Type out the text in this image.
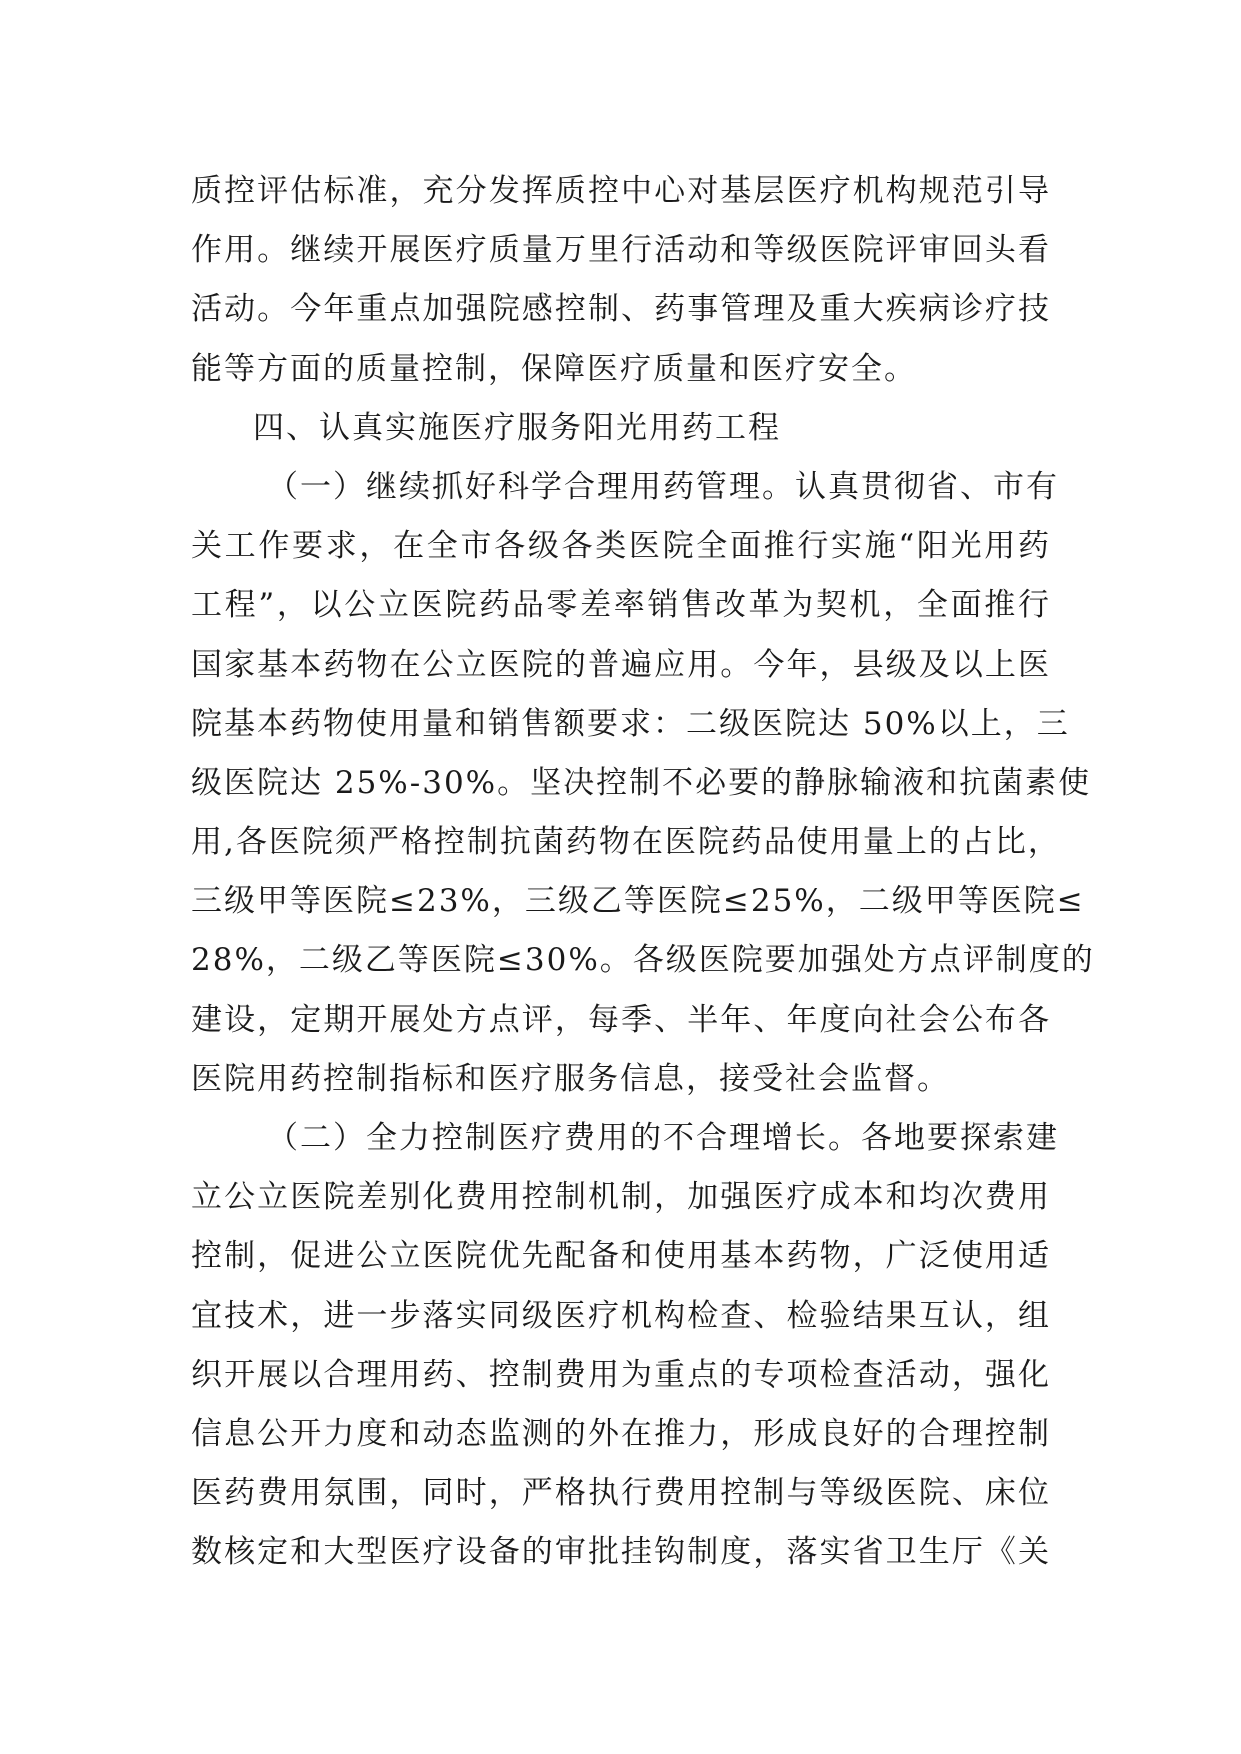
质控评估标准，充分发挥质控中心对基层医疗机构规范引导
作用。继续开展医疗质量万里行活动和等级医院评审回头看
活动。今年重点加强院感控制、药事管理及重大疾病诊疗技
能等方面的质量控制，保障医疗质量和医疗安全。
四、认真实施医疗服务阳光用药工程
（一）继续抓好科学合理用药管理。认真贯彻省、市有
关工作要求，在全市各级各类医院全面推行实施“阳光用药
工程”，以公立医院药品零差率销售改革为契机，全面推行
国家基本药物在公立医院的普遍应用。今年，县级及以上医
院基本药物使用量和销售额要求：二级医院达 50%以上，三
级医院达 25%-30%。坚决控制不必要的静脉输液和抗菌素使
用,各医院须严格控制抗菌药物在医院药品使用量上的占比，
三级甲等医院≤23%，三级乙等医院≤25%，二级甲等医院≤
28%，二级乙等医院≤30%。各级医院要加强处方点评制度的
建设，定期开展处方点评，每季、半年、年度向社会公布各
医院用药控制指标和医疗服务信息，接受社会监督。
（二）全力控制医疗费用的不合理增长。各地要探索建
立公立医院差别化费用控制机制，加强医疗成本和均次费用
控制，促进公立医院优先配备和使用基本药物，广泛使用适
宜技术，进一步落实同级医疗机构检查、检验结果互认，组
织开展以合理用药、控制费用为重点的专项检查活动，强化
信息公开力度和动态监测的外在推力，形成良好的合理控制
医药费用氛围，同时，严格执行费用控制与等级医院、床位
数核定和大型医疗设备的审批挂钩制度，落实省卫生厅《关
